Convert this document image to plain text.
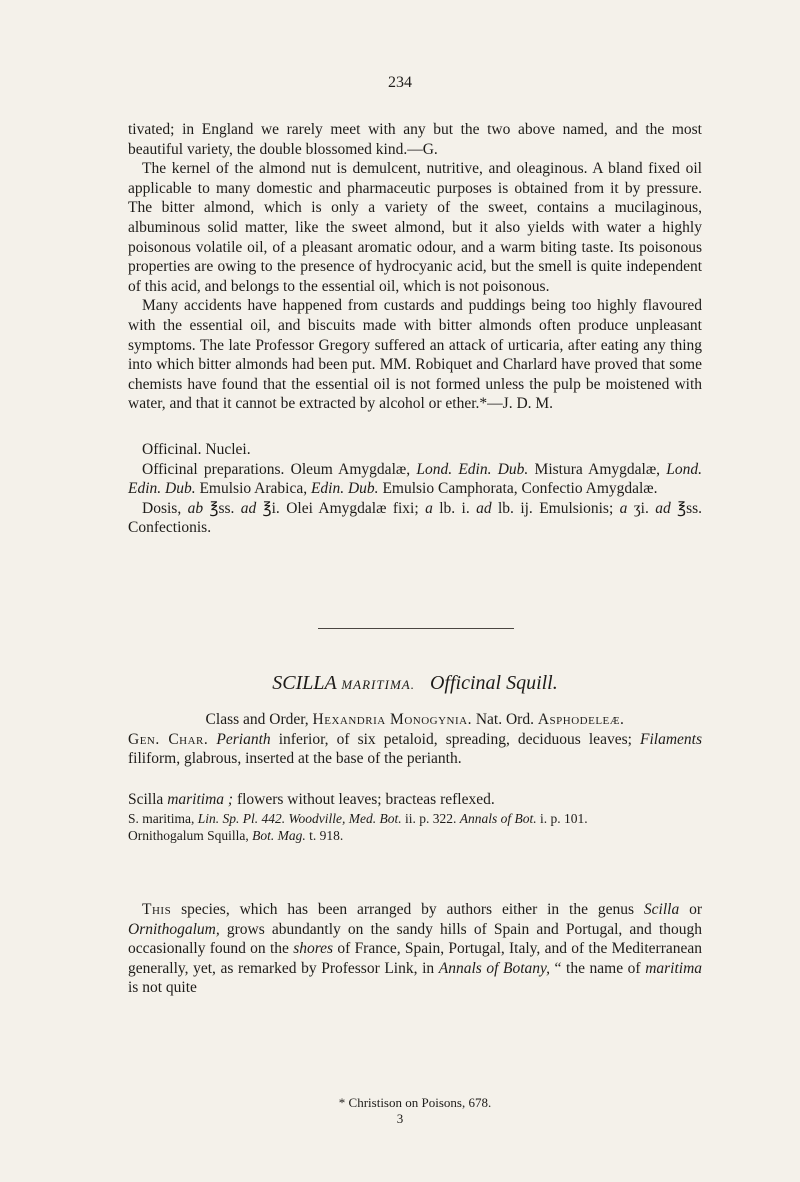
234

tivated; in England we rarely meet with any but the two above named, and the most beautiful variety, the double blossomed kind.—G.

The kernel of the almond nut is demulcent, nutritive, and oleaginous. A bland fixed oil applicable to many domestic and pharmaceutic purposes is obtained from it by pressure. The bitter almond, which is only a variety of the sweet, contains a mucilaginous, albuminous solid matter, like the sweet almond, but it also yields with water a highly poisonous volatile oil, of a pleasant aromatic odour, and a warm biting taste. Its poisonous properties are owing to the presence of hydrocyanic acid, but the smell is quite independent of this acid, and belongs to the essential oil, which is not poisonous.

Many accidents have happened from custards and puddings being too highly flavoured with the essential oil, and biscuits made with bitter almonds often produce unpleasant symptoms. The late Professor Gregory suffered an attack of urticaria, after eating any thing into which bitter almonds had been put. MM. Robiquet and Charlard have proved that some chemists have found that the essential oil is not formed unless the pulp be moistened with water, and that it cannot be extracted by alcohol or ether.*—J. D. M.

Officinal. Nuclei.

Officinal preparations. Oleum Amygdalæ, Lond. Edin. Dub. Mistura Amygdalæ, Lond. Edin. Dub. Emulsio Arabica, Edin. Dub. Emulsio Camphorata, Confectio Amygdalæ.

Dosis, ab ℥ss. ad ℥i. Olei Amygdalæ fixi; a lb. i. ad lb. ij. Emulsionis; a ʒi. ad ℥ss. Confectionis.

SCILLA MARITIMA. Officinal Squill.

Class and Order, Hexandria Monogynia. Nat. Ord. Asphodeleæ.

Gen. Char. Perianth inferior, of six petaloid, spreading, deciduous leaves; Filaments filiform, glabrous, inserted at the base of the perianth.

Scilla maritima ; flowers without leaves; bracteas reflexed.

S. maritima, Lin. Sp. Pl. 442. Woodville, Med. Bot. ii. p. 322. Annals of Bot. i. p. 101.

Ornithogalum Squilla, Bot. Mag. t. 918.

This species, which has been arranged by authors either in the genus Scilla or Ornithogalum, grows abundantly on the sandy hills of Spain and Portugal, and though occasionally found on the shores of France, Spain, Portugal, Italy, and of the Mediterranean generally, yet, as remarked by Professor Link, in Annals of Botany, “ the name of maritima is not quite

* Christison on Poisons, 678.
3
